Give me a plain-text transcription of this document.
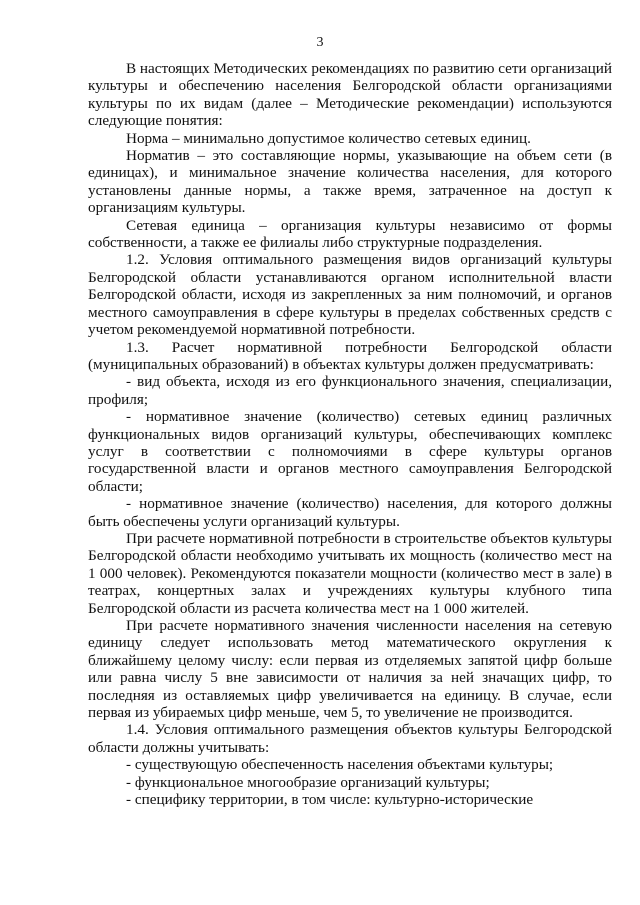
3

В настоящих Методических рекомендациях по развитию сети организаций культуры и обеспечению населения Белгородской области организациями культуры по их видам (далее – Методические рекомендации) используются следующие понятия:

Норма – минимально допустимое количество сетевых единиц.

Норматив – это составляющие нормы, указывающие на объем сети (в единицах), и минимальное значение количества населения, для которого установлены данные нормы, а также время, затраченное на доступ к организациям культуры.

Сетевая единица – организация культуры независимо от формы собственности, а также ее филиалы либо структурные подразделения.

1.2. Условия оптимального размещения видов организаций культуры Белгородской области устанавливаются органом исполнительной власти Белгородской области, исходя из закрепленных за ним полномочий, и органов местного самоуправления в сфере культуры в пределах собственных средств с учетом рекомендуемой нормативной потребности.

1.3. Расчет нормативной потребности Белгородской области (муниципальных образований) в объектах культуры должен предусматривать:

- вид объекта, исходя из его функционального значения, специализации, профиля;

- нормативное значение (количество) сетевых единиц различных функциональных видов организаций культуры, обеспечивающих комплекс услуг в соответствии с полномочиями в сфере культуры органов государственной власти и органов местного самоуправления Белгородской области;

- нормативное значение (количество) населения, для которого должны быть обеспечены услуги организаций культуры.

При расчете нормативной потребности в строительстве объектов культуры Белгородской области необходимо учитывать их мощность (количество мест на 1 000 человек). Рекомендуются показатели мощности (количество мест в зале) в театрах, концертных залах и учреждениях культуры клубного типа Белгородской области из расчета количества мест на 1 000 жителей.

При расчете нормативного значения численности населения на сетевую единицу следует использовать метод математического округления к ближайшему целому числу: если первая из отделяемых запятой цифр больше или равна числу 5 вне зависимости от наличия за ней значащих цифр, то последняя из оставляемых цифр увеличивается на единицу. В случае, если первая из убираемых цифр меньше, чем 5, то увеличение не производится.

1.4. Условия оптимального размещения объектов культуры Белгородской области должны учитывать:

- существующую обеспеченность населения объектами культуры;

- функциональное многообразие организаций культуры;

- специфику территории, в том числе: культурно-исторические
